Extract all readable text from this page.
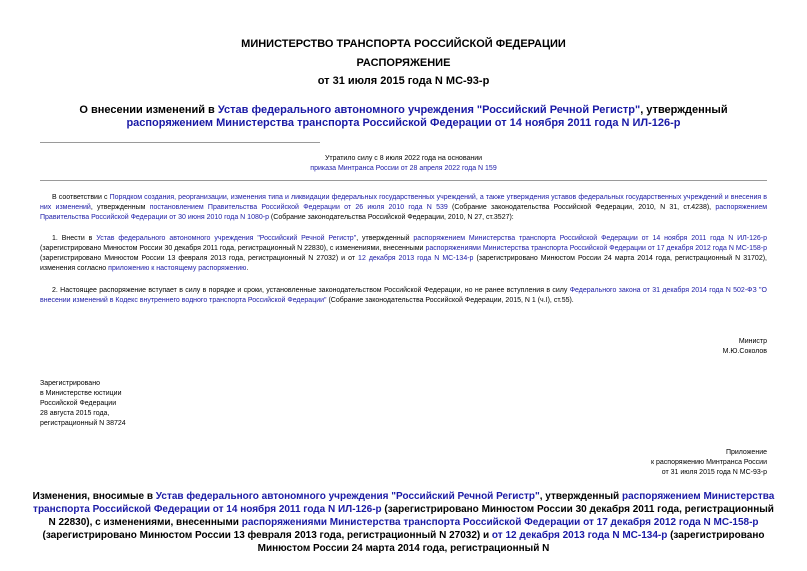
МИНИСТЕРСТВО ТРАНСПОРТА РОССИЙСКОЙ ФЕДЕРАЦИИ
РАСПОРЯЖЕНИЕ
от 31 июля 2015 года N МС-93-р
О внесении изменений в Устав федерального автономного учреждения "Российский Речной Регистр", утвержденный распоряжением Министерства транспорта Российской Федерации от 14 ноября 2011 года N ИЛ-126-р
Утратило силу с 8 июля 2022 года на основании
приказа Минтранса России от 28 апреля 2022 года N 159
В соответствии с Порядком создания, реорганизации, изменения типа и ликвидации федеральных государственных учреждений, а также утверждения уставов федеральных государственных учреждений и внесения в них изменений, утвержденным постановлением Правительства Российской Федерации от 26 июля 2010 года N 539 (Собрание законодательства Российской Федерации, 2010, N 31, ст.4238), распоряжением Правительства Российской Федерации от 30 июня 2010 года N 1080-р (Собрание законодательства Российской Федерации, 2010, N 27, ст.3527):
1. Внести в Устав федерального автономного учреждения "Российский Речной Регистр", утвержденный распоряжением Министерства транспорта Российской Федерации от 14 ноября 2011 года N ИЛ-126-р (зарегистрировано Минюстом России 30 декабря 2011 года, регистрационный N 22830), с изменениями, внесенными распоряжениями Министерства транспорта Российской Федерации от 17 декабря 2012 года N МС-158-р (зарегистрировано Минюстом России 13 февраля 2013 года, регистрационный N 27032) и от 12 декабря 2013 года N МС-134-р (зарегистрировано Минюстом России 24 марта 2014 года, регистрационный N 31702), изменения согласно приложению к настоящему распоряжению.
2. Настоящее распоряжение вступает в силу в порядке и сроки, установленные законодательством Российской Федерации, но не ранее вступления в силу Федерального закона от 31 декабря 2014 года N 502-ФЗ "О внесении изменений в Кодекс внутреннего водного транспорта Российской Федерации" (Собрание законодательства Российской Федерации, 2015, N 1 (ч.I), ст.55).
Министр
М.Ю.Соколов
Зарегистрировано
в Министерстве юстиции
Российской Федерации
28 августа 2015 года,
регистрационный N 38724
Приложение
к распоряжению Минтранса России
от 31 июля 2015 года N МС-93-р
Изменения, вносимые в Устав федерального автономного учреждения "Российский Речной Регистр", утвержденный распоряжением Министерства транспорта Российской Федерации от 14 ноября 2011 года N ИЛ-126-р (зарегистрировано Минюстом России 30 декабря 2011 года, регистрационный N 22830), с изменениями, внесенными распоряжениями Министерства транспорта Российской Федерации от 17 декабря 2012 года N МС-158-р (зарегистрировано Минюстом России 13 февраля 2013 года, регистрационный N 27032) и от 12 декабря 2013 года N МС-134-р (зарегистрировано Минюстом России 24 марта 2014 года, регистрационный N
